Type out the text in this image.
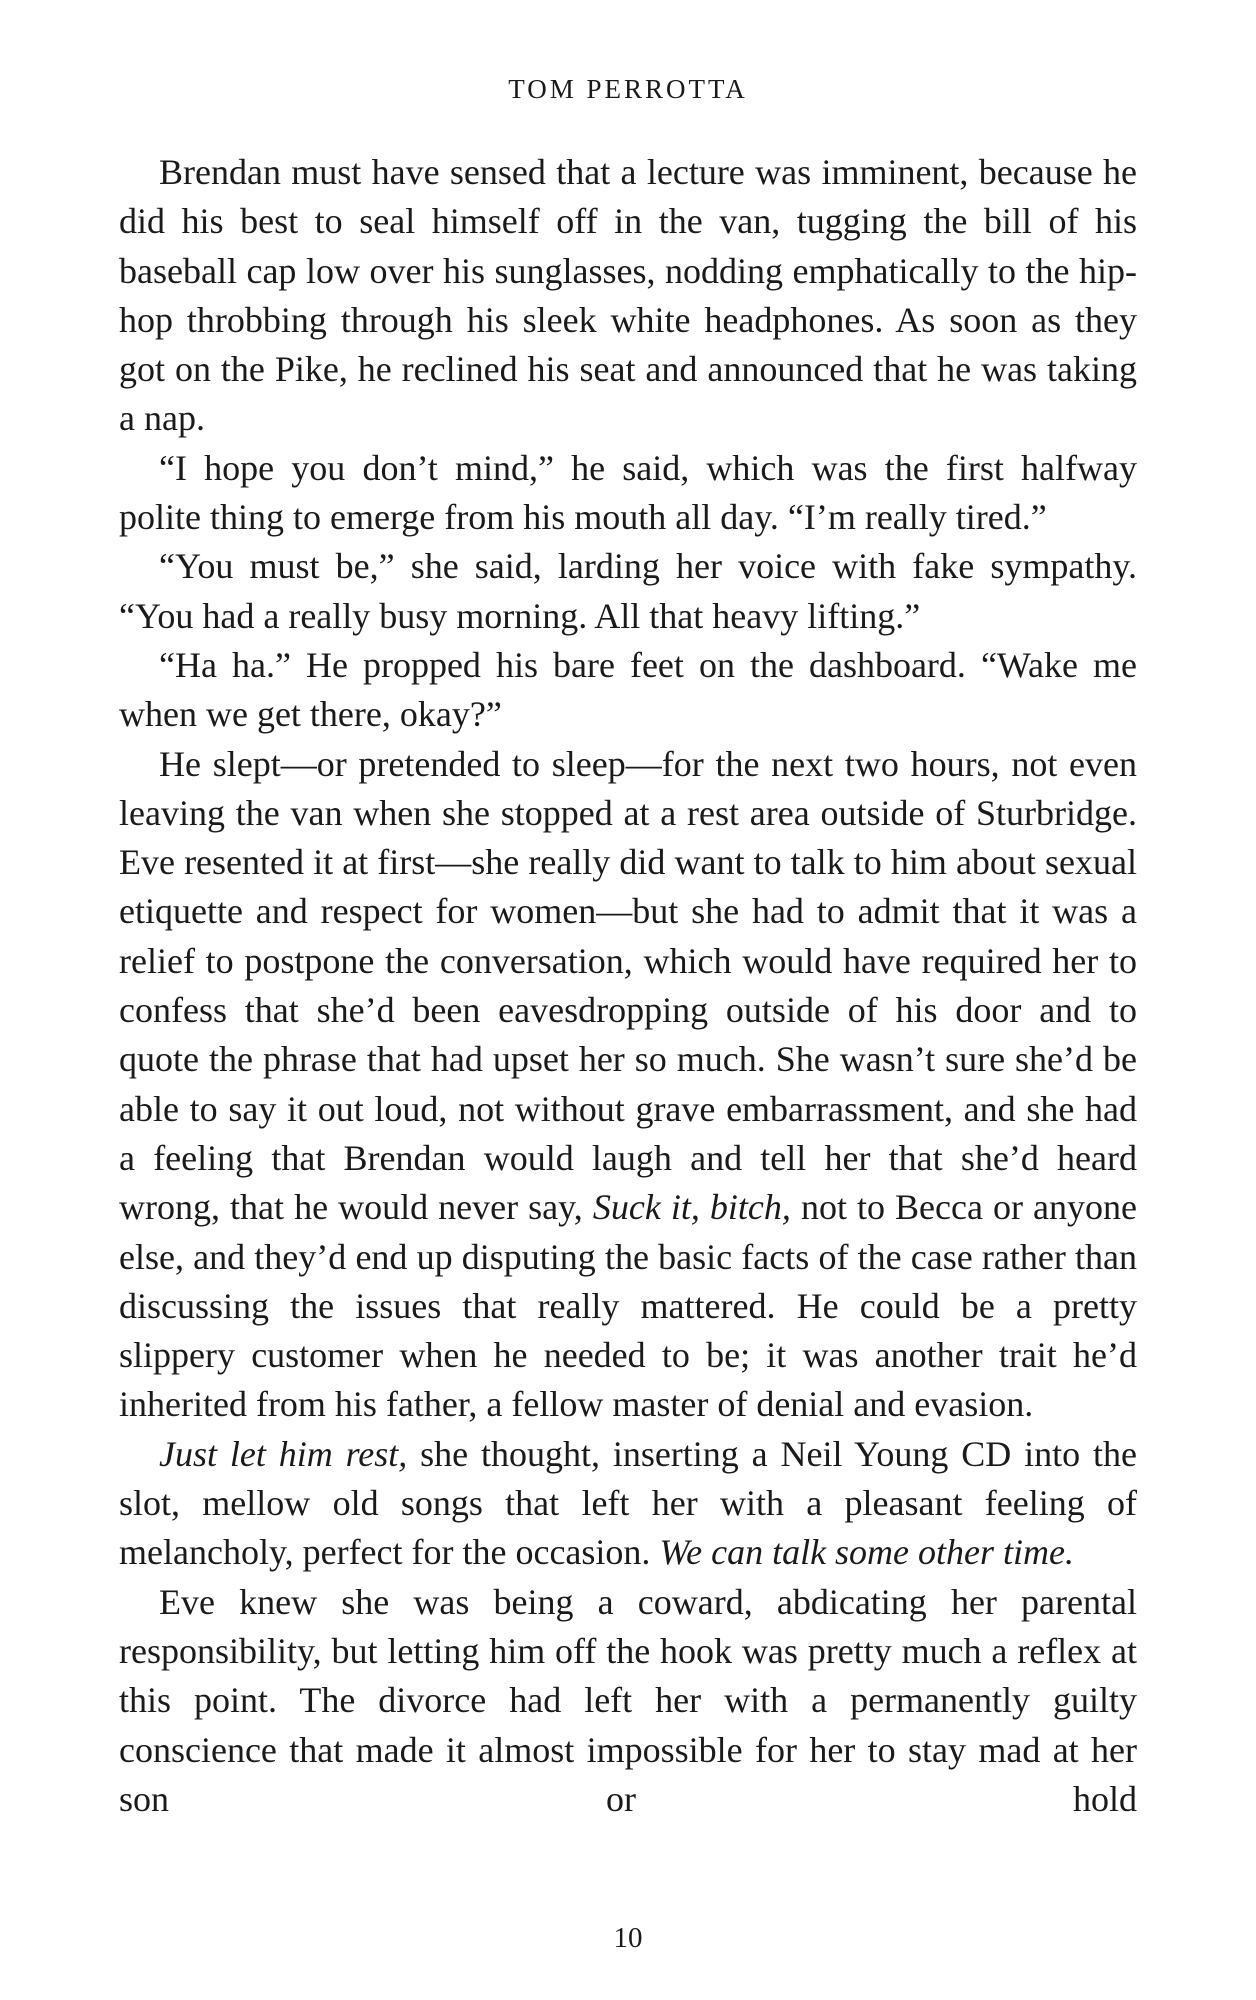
TOM PERROTTA

Brendan must have sensed that a lecture was imminent, because he did his best to seal himself off in the van, tugging the bill of his baseball cap low over his sunglasses, nodding emphatically to the hip-hop throbbing through his sleek white headphones. As soon as they got on the Pike, he reclined his seat and announced that he was taking a nap.

“I hope you don’t mind,” he said, which was the first halfway polite thing to emerge from his mouth all day. “I’m really tired.”

“You must be,” she said, larding her voice with fake sympathy. “You had a really busy morning. All that heavy lifting.”

“Ha ha.” He propped his bare feet on the dashboard. “Wake me when we get there, okay?”

He slept—or pretended to sleep—for the next two hours, not even leaving the van when she stopped at a rest area outside of Sturbridge. Eve resented it at first—she really did want to talk to him about sexual etiquette and respect for women—but she had to admit that it was a relief to postpone the conversation, which would have required her to confess that she’d been eavesdropping outside of his door and to quote the phrase that had upset her so much. She wasn’t sure she’d be able to say it out loud, not without grave embarrassment, and she had a feeling that Brendan would laugh and tell her that she’d heard wrong, that he would never say, Suck it, bitch, not to Becca or anyone else, and they’d end up disputing the basic facts of the case rather than discussing the issues that really mattered. He could be a pretty slippery customer when he needed to be; it was another trait he’d inherited from his father, a fellow master of denial and evasion.

Just let him rest, she thought, inserting a Neil Young CD into the slot, mellow old songs that left her with a pleasant feeling of melancholy, perfect for the occasion. We can talk some other time.

Eve knew she was being a coward, abdicating her parental responsibility, but letting him off the hook was pretty much a reflex at this point. The divorce had left her with a permanently guilty conscience that made it almost impossible for her to stay mad at her son or hold

10
